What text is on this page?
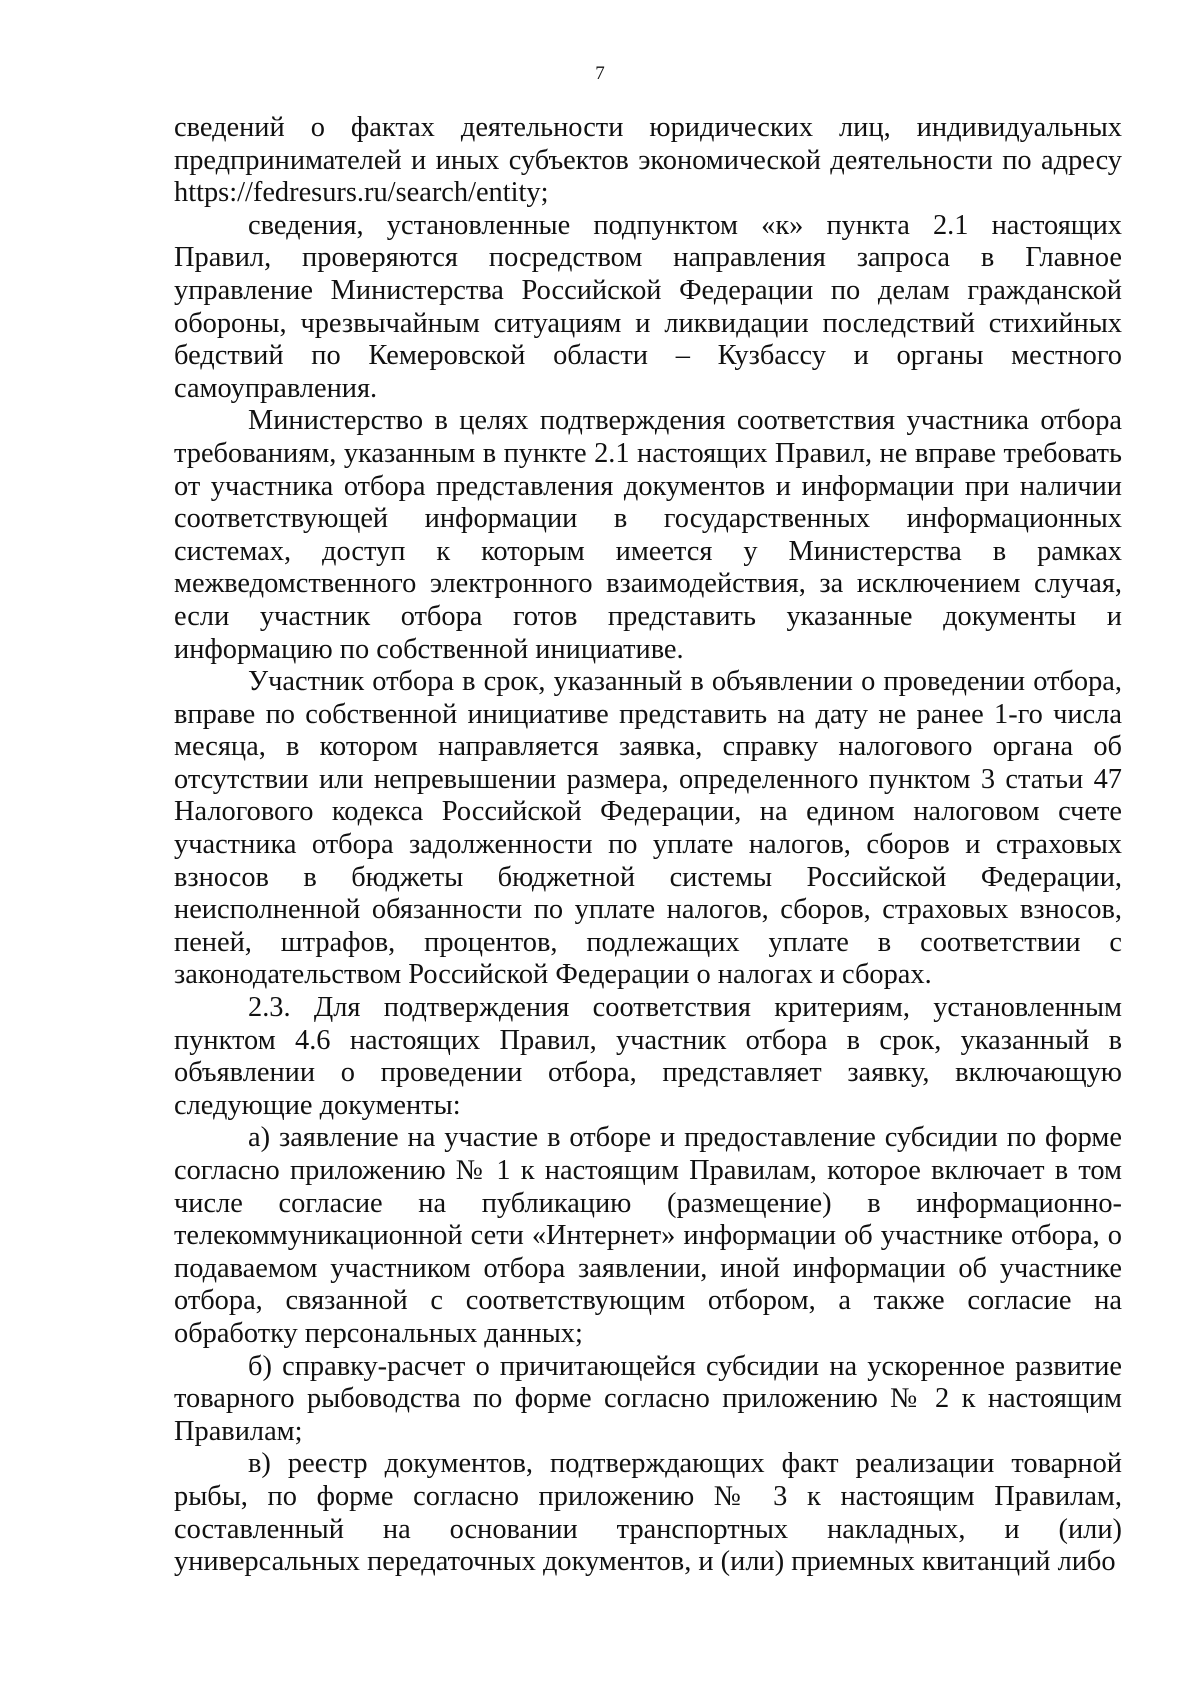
7

сведений о фактах деятельности юридических лиц, индивидуальных предпринимателей и иных субъектов экономической деятельности по адресу https://fedresurs.ru/search/entity;

сведения, установленные подпунктом «к» пункта 2.1 настоящих Правил, проверяются посредством направления запроса в Главное управление Министерства Российской Федерации по делам гражданской обороны, чрезвычайным ситуациям и ликвидации последствий стихийных бедствий по Кемеровской области – Кузбассу и органы местного самоуправления.

Министерство в целях подтверждения соответствия участника отбора требованиям, указанным в пункте 2.1 настоящих Правил, не вправе требовать от участника отбора представления документов и информации при наличии соответствующей информации в государственных информационных системах, доступ к которым имеется у Министерства в рамках межведомственного электронного взаимодействия, за исключением случая, если участник отбора готов представить указанные документы и информацию по собственной инициативе.

Участник отбора в срок, указанный в объявлении о проведении отбора, вправе по собственной инициативе представить на дату не ранее 1-го числа месяца, в котором направляется заявка, справку налогового органа об отсутствии или непревышении размера, определенного пунктом 3 статьи 47 Налогового кодекса Российской Федерации, на едином налоговом счете участника отбора задолженности по уплате налогов, сборов и страховых взносов в бюджеты бюджетной системы Российской Федерации, неисполненной обязанности по уплате налогов, сборов, страховых взносов, пеней, штрафов, процентов, подлежащих уплате в соответствии с законодательством Российской Федерации о налогах и сборах.

2.3. Для подтверждения соответствия критериям, установленным пунктом 4.6 настоящих Правил, участник отбора в срок, указанный в объявлении о проведении отбора, представляет заявку, включающую следующие документы:

а) заявление на участие в отборе и предоставление субсидии по форме согласно приложению № 1 к настоящим Правилам, которое включает в том числе согласие на публикацию (размещение) в информационно-телекоммуникационной сети «Интернет» информации об участнике отбора, о подаваемом участником отбора заявлении, иной информации об участнике отбора, связанной с соответствующим отбором, а также согласие на обработку персональных данных;

б) справку-расчет о причитающейся субсидии на ускоренное развитие товарного рыбоводства по форме согласно приложению № 2 к настоящим Правилам;

в) реестр документов, подтверждающих факт реализации товарной рыбы, по форме согласно приложению № 3 к настоящим Правилам, составленный на основании транспортных накладных, и (или) универсальных передаточных документов, и (или) приемных квитанций либо
